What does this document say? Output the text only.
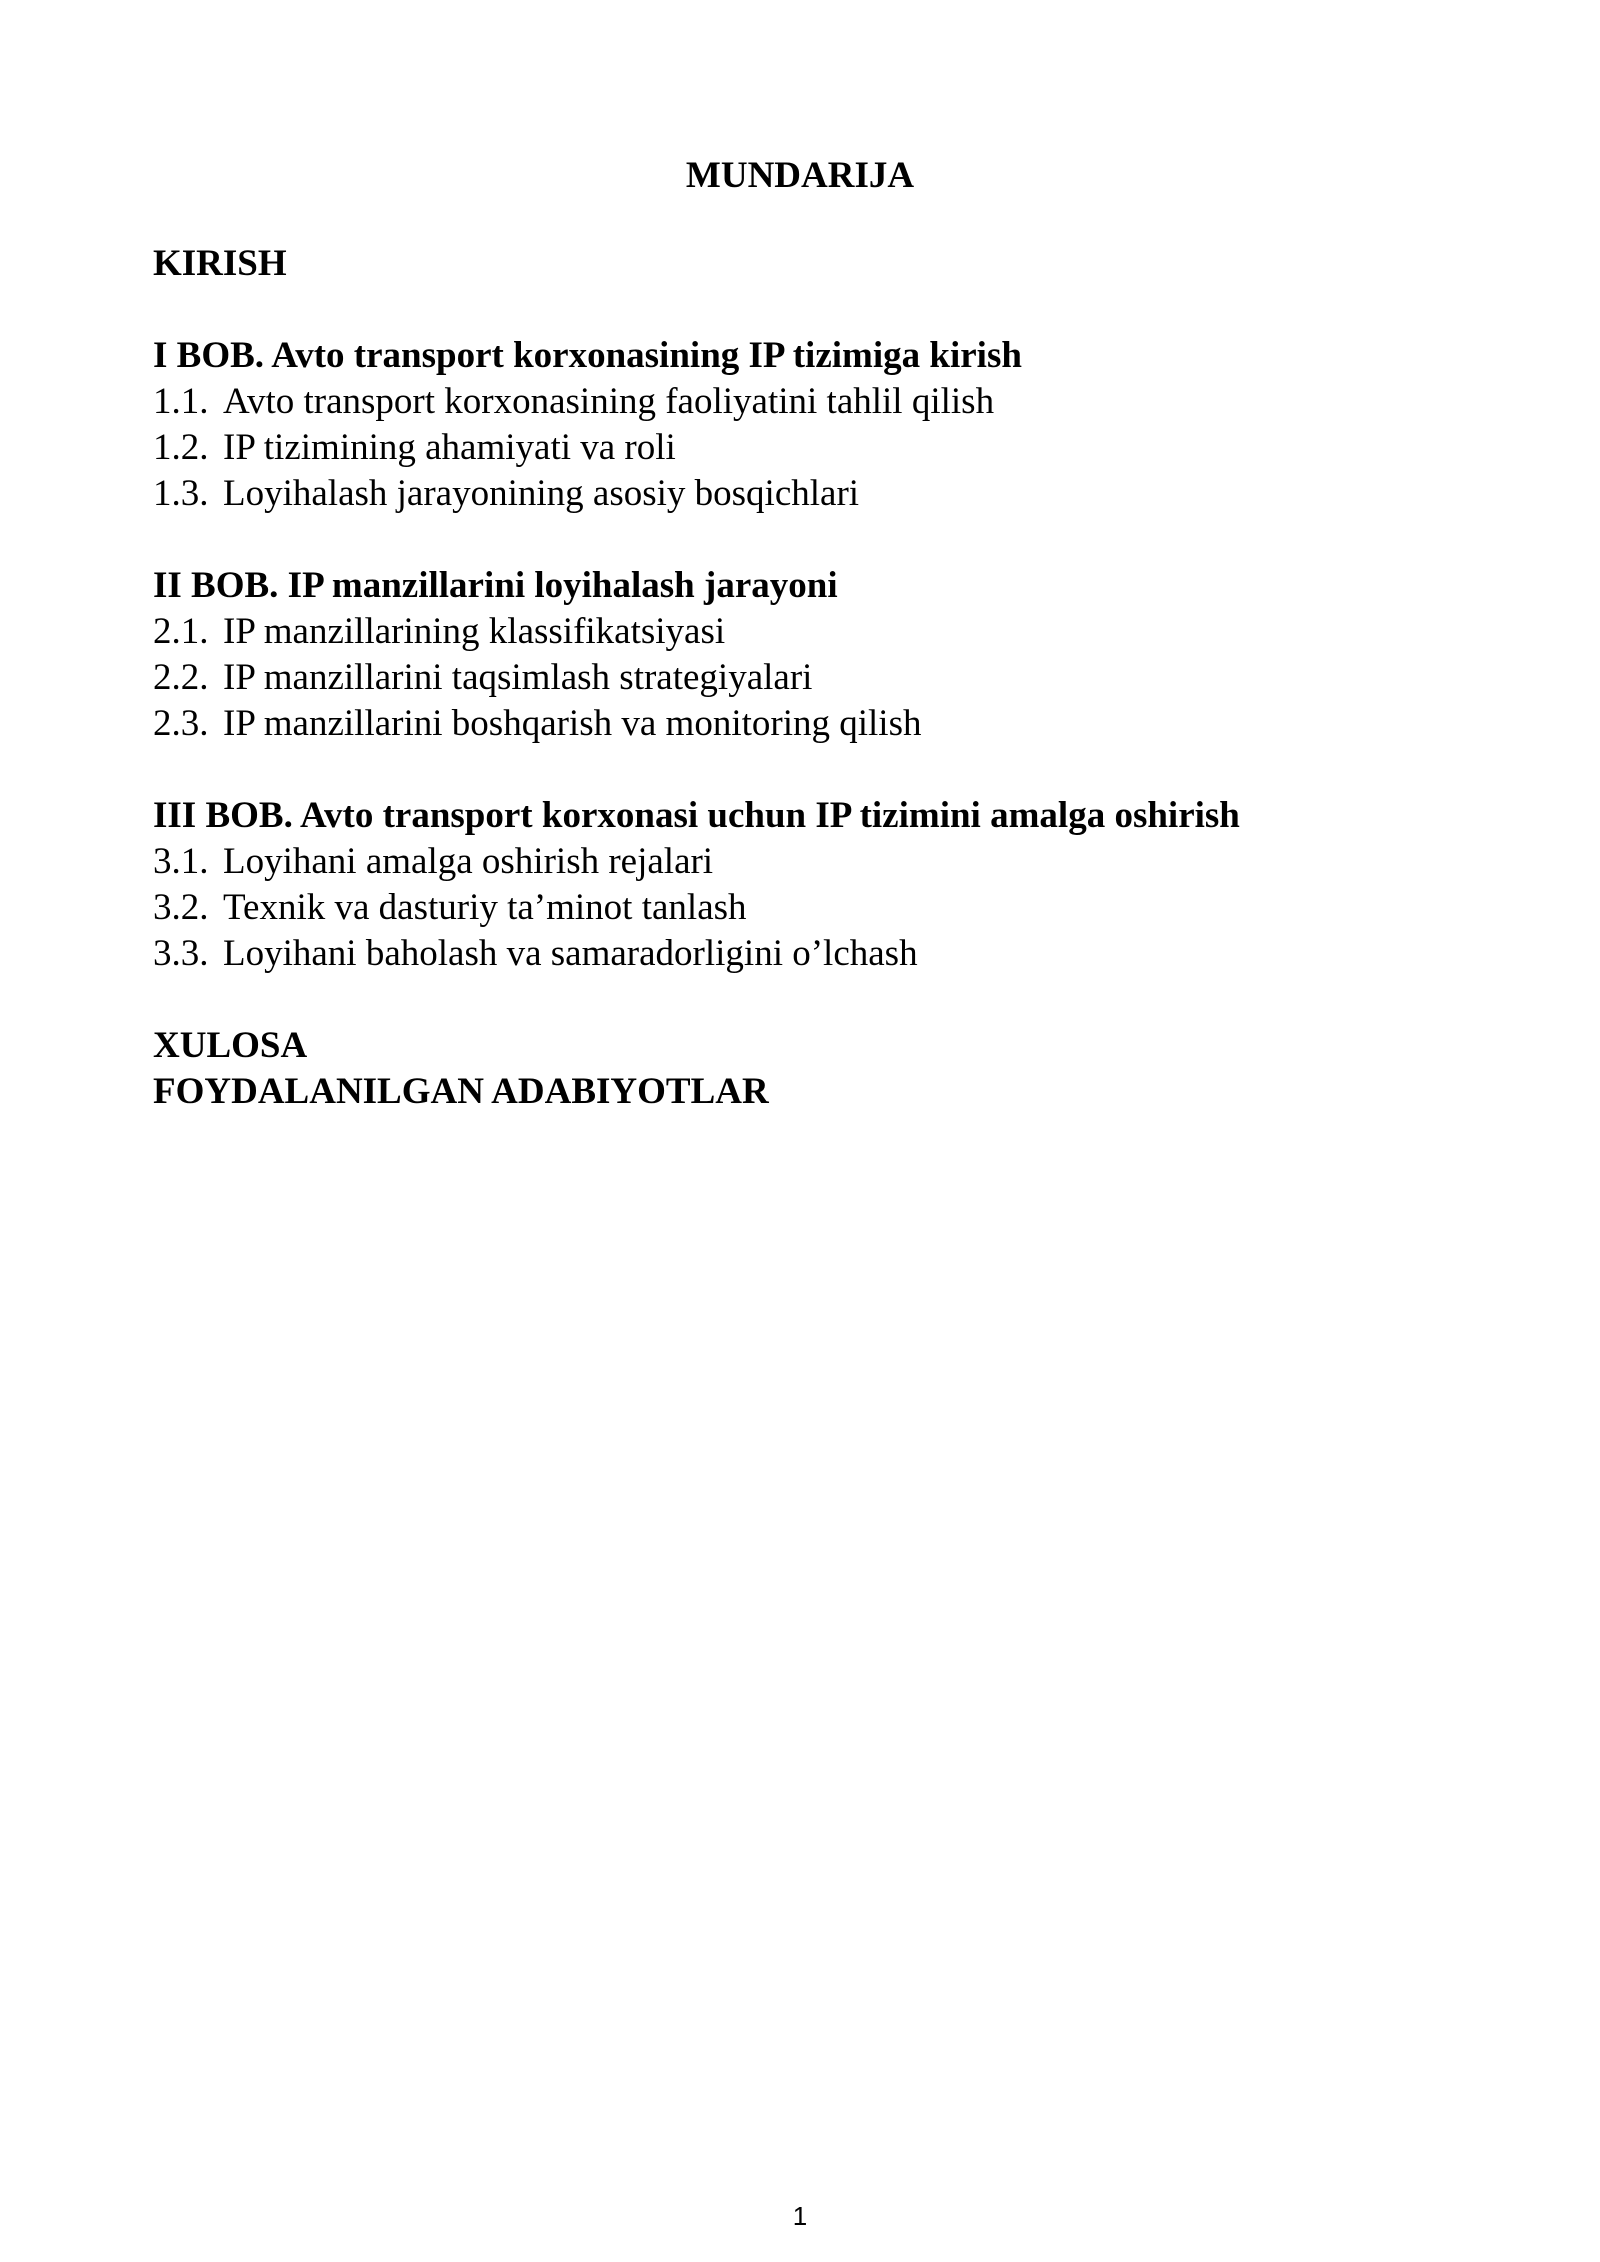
MUNDARIJA

KIRISH

I BOB. Avto transport korxonasining IP tizimiga kirish

1.1. Avto transport korxonasining faoliyatini tahlil qilish

1.2. IP tizimining ahamiyati va roli

1.3. Loyihalash jarayonining asosiy bosqichlari

II BOB. IP manzillarini loyihalash jarayoni

2.1. IP manzillarining klassifikatsiyasi

2.2. IP manzillarini taqsimlash strategiyalari

2.3. IP manzillarini boshqarish va monitoring qilish

III BOB. Avto transport korxonasi uchun IP tizimini amalga oshirish

3.1. Loyihani amalga oshirish rejalari

3.2. Texnik va dasturiy ta’minot tanlash

3.3. Loyihani baholash va samaradorligini o’lchash

XULOSA

FOYDALANILGAN ADABIYOTLAR

1
